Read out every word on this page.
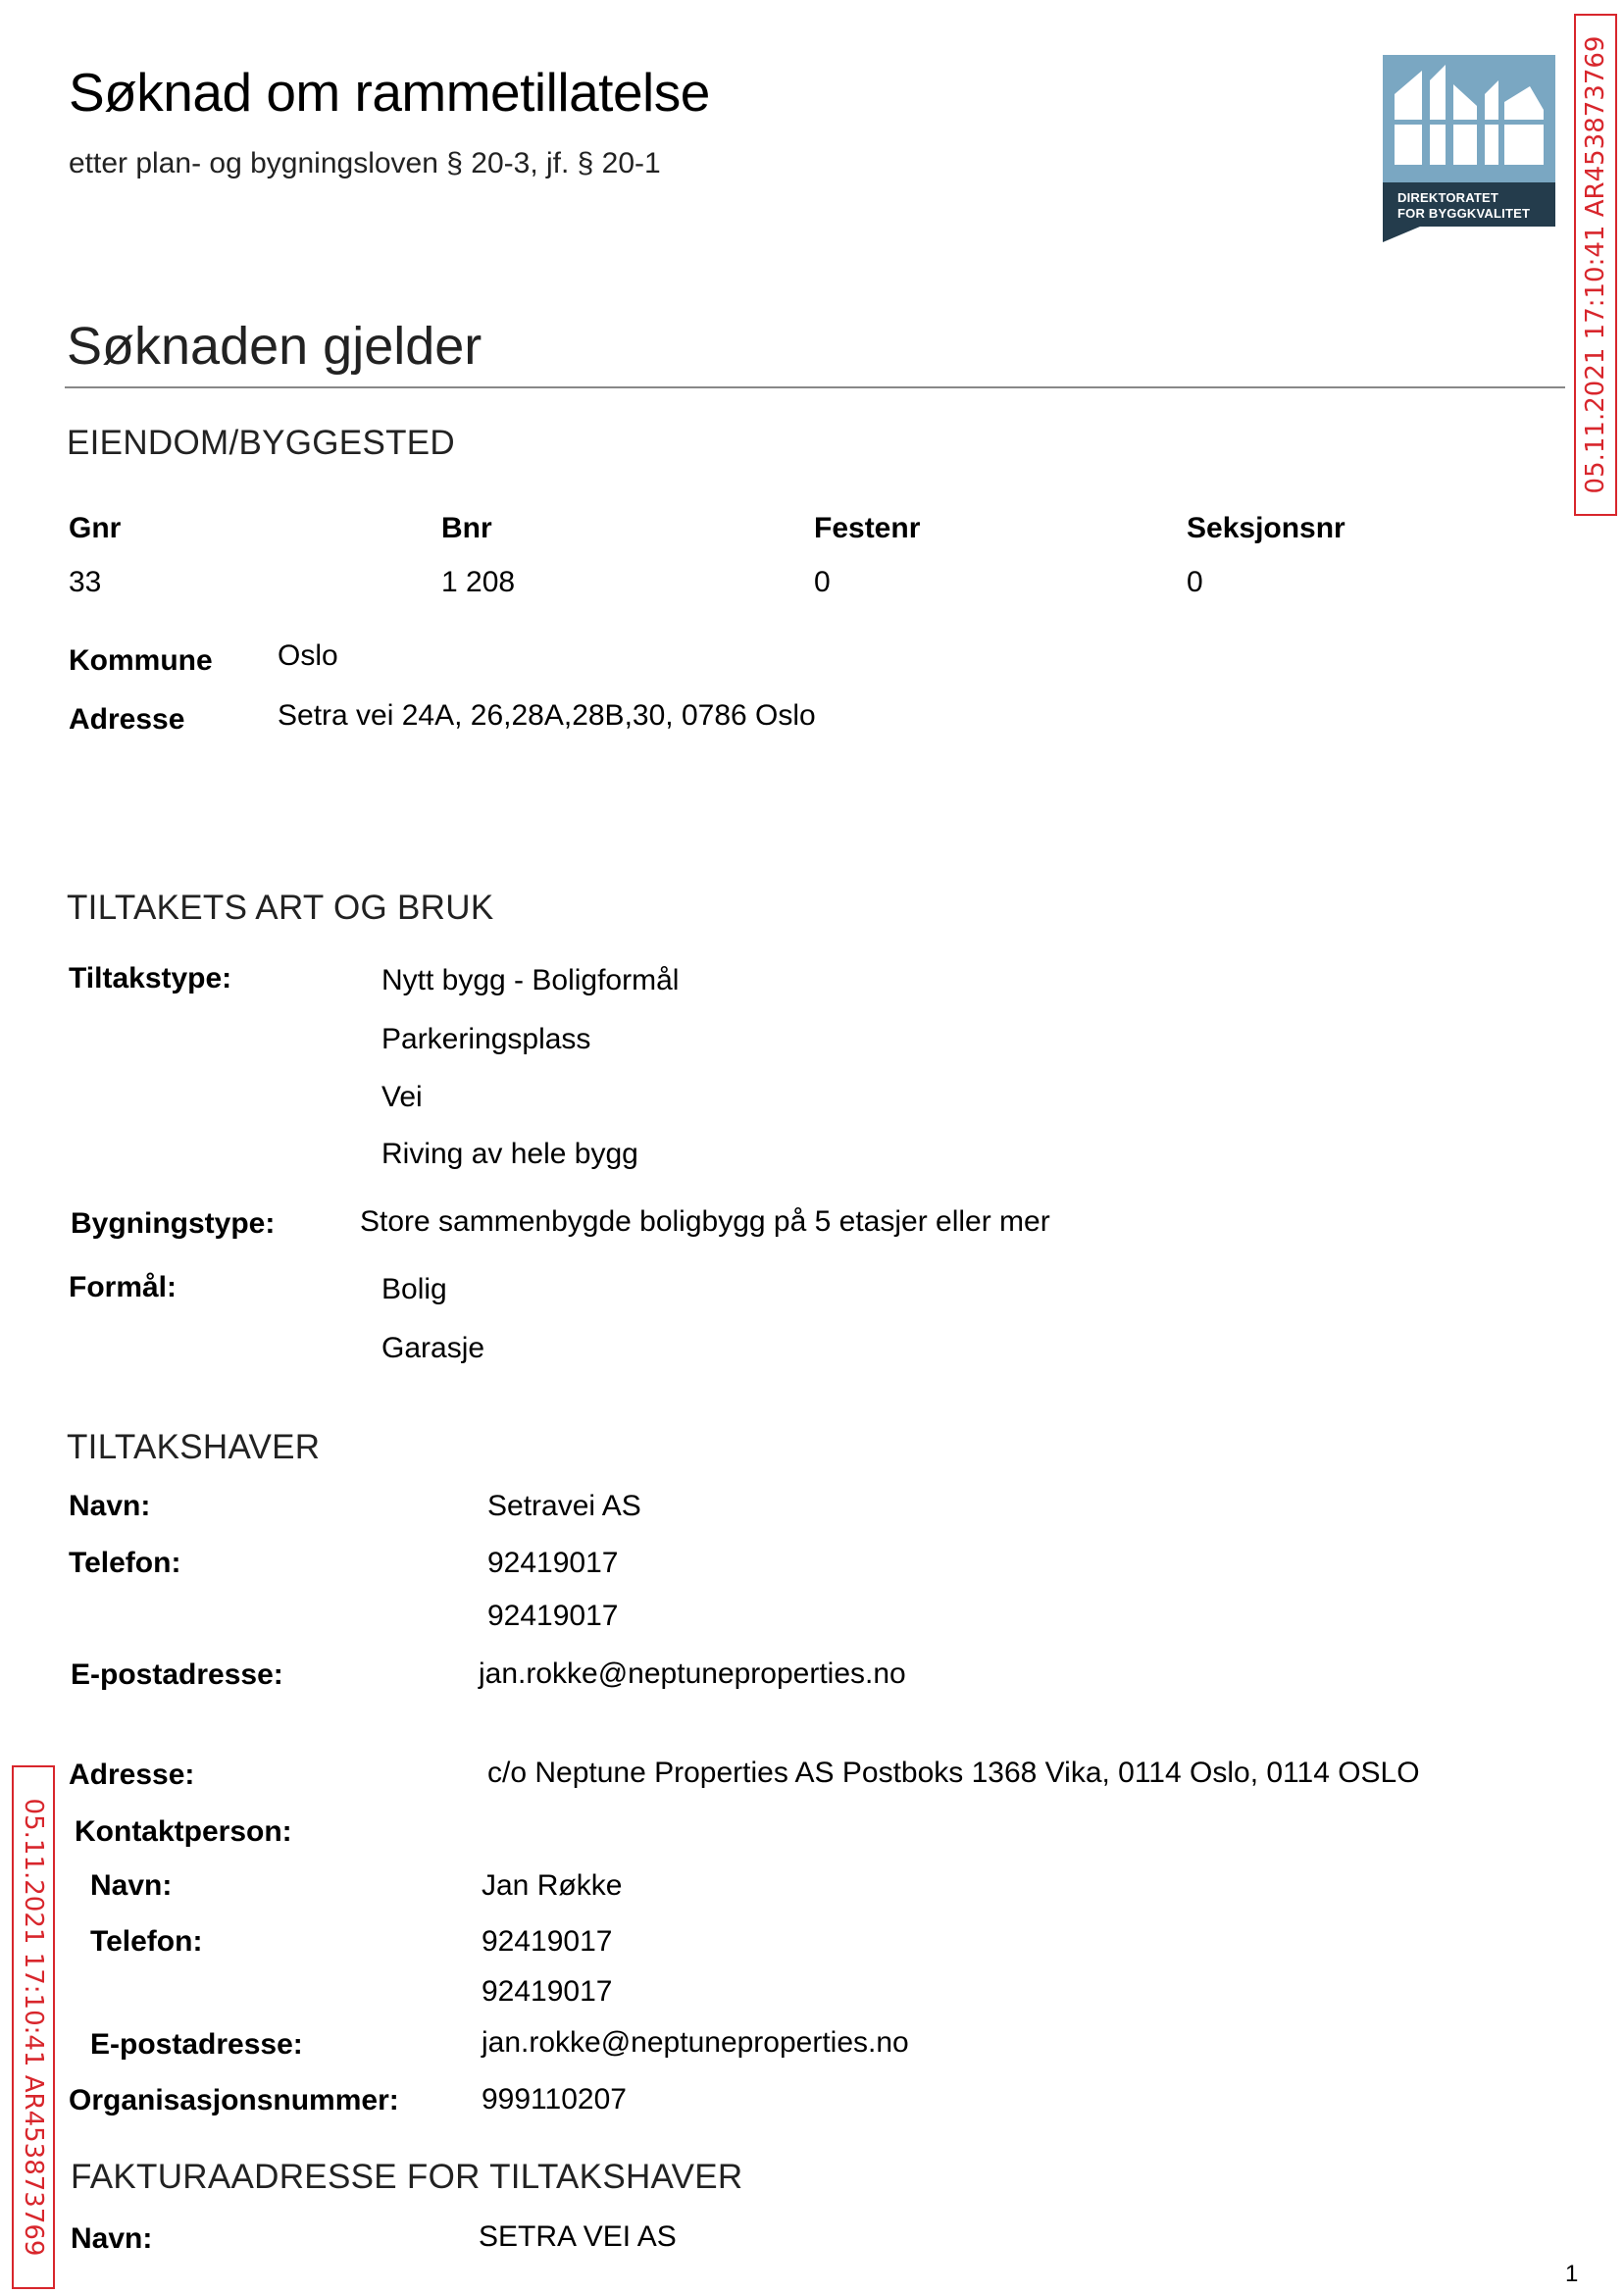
Søknad om rammetillatelse
etter plan- og bygningsloven § 20-3, jf. § 20-1
DIREKTORATET
FOR BYGGKVALITET 05.11.2021 17:10:41 AR453873769
05.11.2021 17:10:41 AR453873769
Søknaden gjelder
EIENDOM/BYGGESTED
Gnr	Bnr	Festenr	Seksjonsnr
33	1 208	0	0
Kommune Oslo
Adresse	Setra vei 24A, 26,28A,28B,30, 0786 Oslo
TILTAKETS ART OG BRUK
Tiltakstype:	Nytt bygg - Boligformål
Parkeringsplass
Vei
Riving av hele bygg
Bygningstype:	Store sammenbygde boligbygg på 5 etasjer eller mer
Formål:	Bolig
Garasje
TILTAKSHAVER
Navn:	Setravei AS
Telefon:	92419017
92419017
E-postadresse:	jan.rokke@neptuneproperties.no
Adresse:	c/o Neptune Properties AS Postboks 1368 Vika, 0114 Oslo, 0114 OSLO
Kontaktperson:
Navn:	Jan Røkke
Telefon:	92419017
92419017
E-postadresse:	jan.rokke@neptuneproperties.no
Organisasjonsnummer:	999110207
FAKTURAADRESSE FOR TILTAKSHAVER
Navn:	SETRA VEI AS
1
